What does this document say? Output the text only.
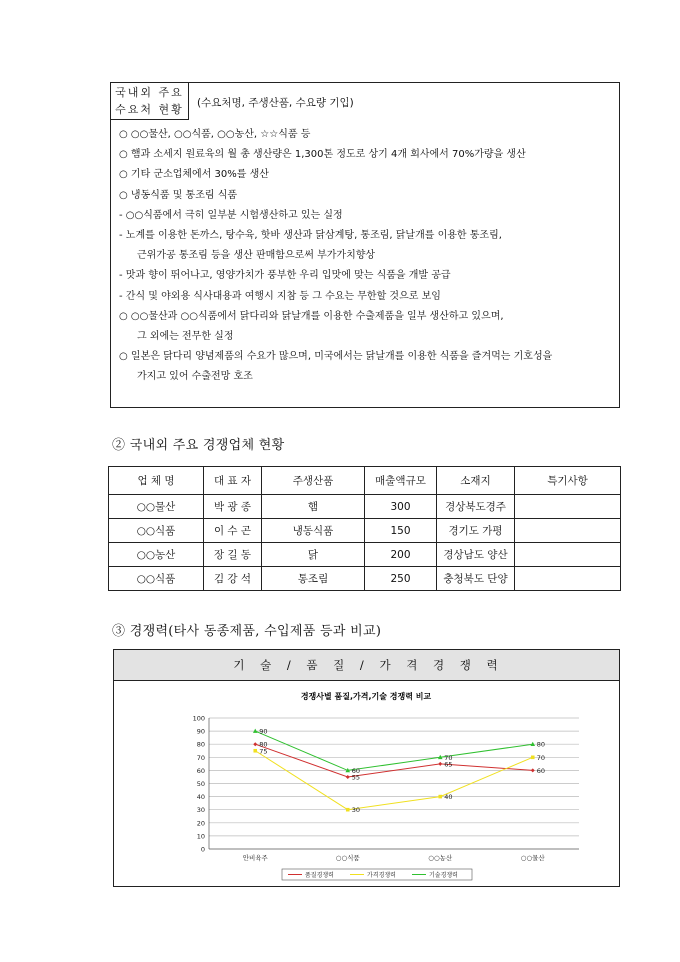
국내외 주요
수요처 현황	(수요처명, 주생산품, 수요량 기입)
○ ○○물산, ○○식품, ○○농산, ☆☆식품 등
○ 햄과 소세지 원료육의 월 총 생산량은 1,300톤 정도로 상기 4개 회사에서 70%가량을 생산
○ 기타 군소업체에서 30%를 생산
○ 냉동식품 및 통조림 식품
- ○○식품에서 극히 일부분 시험생산하고 있는 실정
- 노계를 이용한 돈까스, 탕수육, 핫바 생산과 닭삼계탕, 통조림, 닭날개를 이용한 통조림,
근위가공 통조림 등을 생산 판매함으로써 부가가치향상
- 맛과 향이 뛰어나고, 영양가치가 풍부한 우리 입맛에 맞는 식품을 개발 공급
- 간식 및 야외용 식사대용과 여행시 지참 등 그 수요는 무한할 것으로 보임
○ ○○물산과 ○○식품에서 닭다리와 닭날개를 이용한 수출제품을 일부 생산하고 있으며,
그 외에는 전무한 실정
○ 일본은 닭다리 양념제품의 수요가 많으며, 미국에서는 닭날개를 이용한 식품을 즐겨먹는 기호성을
가지고 있어 수출전망 호조
② 국내외 주요 경쟁업체 현황
업 체 명	대 표 자	주생산품	매출액규모	소재지	특기사항
○○물산	박 광 종	햄	300	경상북도경주	
○○식품	이 수 곤	냉동식품	150	경기도 가평	
○○농산	장 길 동	닭	200	경상남도 양산	
○○식품	김 강 석	통조림	250	충청북도 단양	
③ 경쟁력(타사 동종제품, 수입제품 등과 비교)
기 술 / 품 질 / 가 격 경 쟁 력
경쟁사별 품질,가격,기술 경쟁력 비교
0
10
20
30
40
50
60
70
80
90
100
안비육주	○○식품	○○농산	○○물산
80
55
65
60
75
30
40
70
90
60
70
80
품질경쟁력	가격경쟁력	기술경쟁력
